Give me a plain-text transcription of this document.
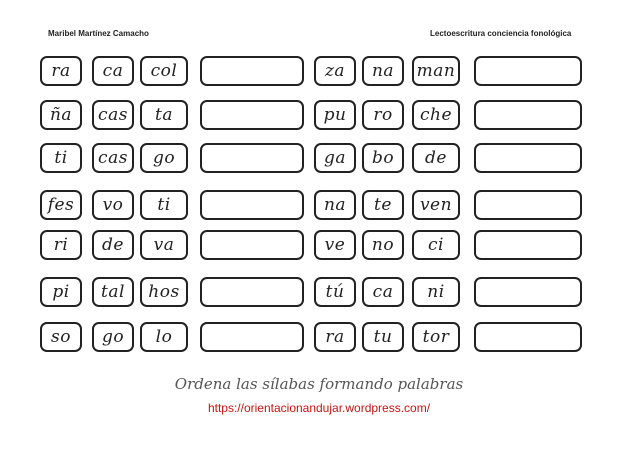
Maribel Martínez Camacho	Lectoescritura conciencia fonológica
ra	ca	col	za	na	man
ña	cas	ta	pu	ro	che
ti	cas	go	ga	bo	de
fes	vo	ti	na	te	ven
ri	de	va	ve	no	ci
pi	tal	hos	tú	ca	ni
so	go	lo	ra	tu	tor
Ordena las sílabas formando palabras
https://orientacionandujar.wordpress.com/
